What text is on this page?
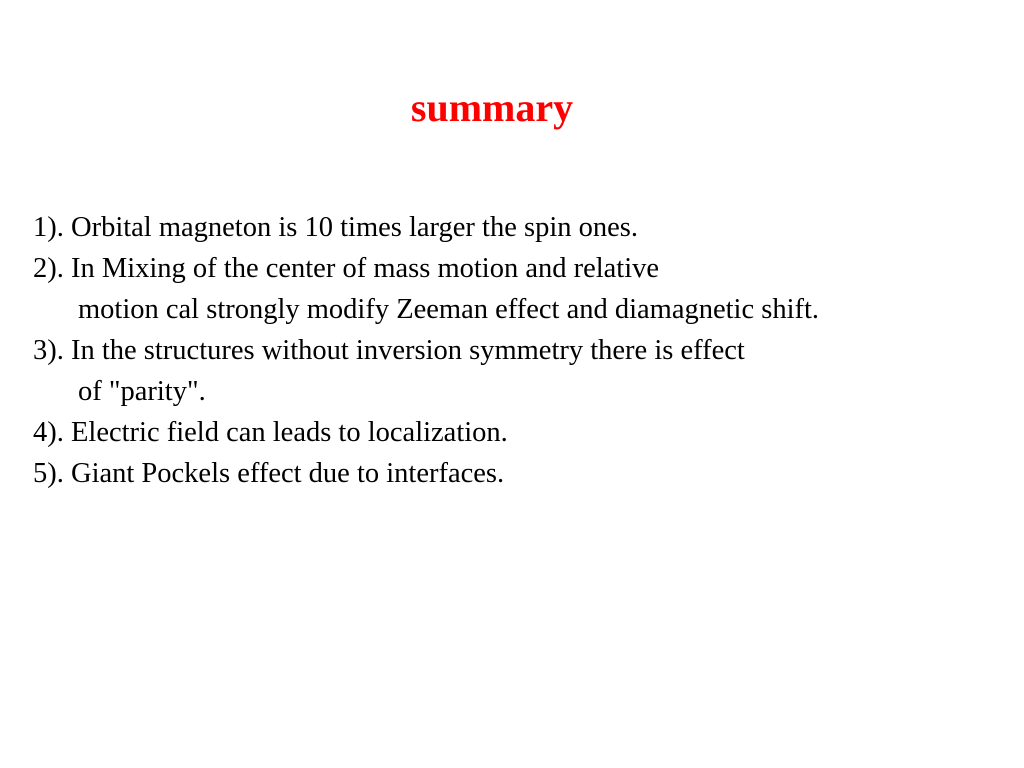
summary
1). Orbital magneton is 10 times larger the spin ones.
2). In Mixing of the center of mass motion and relative
motion cal strongly modify Zeeman effect and diamagnetic shift.
3). In the structures without inversion symmetry there is effect
of "parity".
4). Electric field can leads to localization.
5). Giant Pockels effect due to interfaces.
